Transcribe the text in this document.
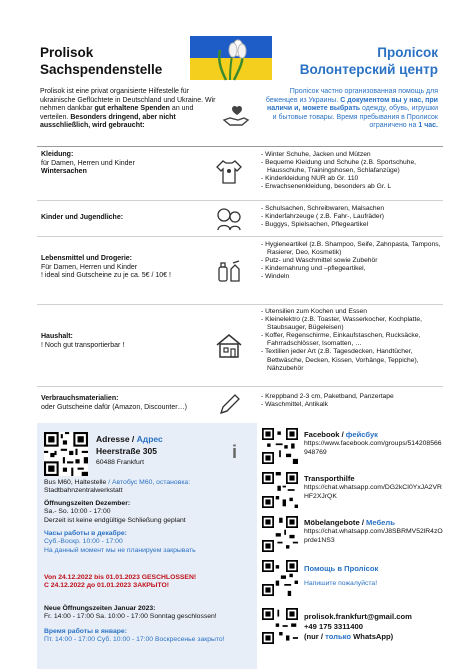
Prolisok
Sachspendenstelle
Пролісок
Волонтерский центр
Prolisok ist eine privat organisierte Hilfestelle für ukrainische Geflüchtete in Deutschland und Ukraine. Wir nehmen dankbar gut erhaltene Spenden an und verteilen. Besonders dringend, aber nicht ausschließlich, wird gebraucht:
Пролісок частно организованная помощь для беженцев из Украины. С документом вы у нас, при наличи и, можете выбрать одежду, обувь, игрушки и бытовые товары. Время пребывания в Пролисок ограничено на 1 час.
Kleidung:
für Damen, Herren und Kinder
Wintersachen
- Winter Schuhe, Jacken und Mützen
- Bequeme Kleidung und Schuhe (z.B. Sportschuhe, Hausschuhe, Trainingshosen, Schlafanzüge)
- Kinderkleidung NUR ab Gr. 110
- Erwachsenenkleidung, besonders ab Gr. L
Kinder und Jugendliche:
- Schulsachen, Schreibwaren, Malsachen
- Kinderfahrzeuge ( z.B. Fahr-, Laufräder)
- Buggys, Spielsachen, Pflegeartikel
Lebensmittel und Drogerie:
Für Damen, Herren und Kinder
! ideal sind Gutscheine zu je ca. 5€ / 10€ !
- Hygieneartikel (z.B. Shampoo, Seife, Zahnpasta, Tampons, Rasierer, Deo, Kosmetik)
- Putz- und Waschmittel sowie Zubehör
- Kindernahrung und –pflegeartikel,
- Windeln
Haushalt:
! Noch gut transportierbar !
- Utensilien zum Kochen und Essen
- Kleinelektro (z.B. Toaster, Wasserkocher, Kochplatte, Staubsauger, Bügeleisen)
- Koffer, Regenschirme, Einkaufstaschen, Rucksäcke, Fahrradschlösser, Isomatten, …
- Textilien jeder Art (z.B. Tagesdecken, Handtücher, Bettwäsche, Decken, Kissen, Vorhänge, Teppiche), Nähzubehör
Verbrauchsmaterialien:
oder Gutscheine dafür (Amazon, Discounter…)
- Kreppband 2-3 cm, Paketband, Panzertape
- Waschmittel, Antikalk
Adresse / Адрес
Heerstraße 305
60488 Frankfurt
i
Bus M60, Haltestelle / Автобус M60, остановка:
Stadtbahnzentralwerkstatt
Öffnungszeiten Dezember:
Sa.- So. 10:00 - 17:00
Derzeit ist keine endgültige Schließung geplant
Часы работы в декабре:
Суб.-Воскр. 10:00 - 17:00
На данный момент мы не планируем закрывать
Von 24.12.2022 bis 01.01.2023 GESCHLOSSEN!
С 24.12.2022 до 01.01.2023 ЗАКРЫТО!
Neue Öffnungszeiten Januar 2023:
Fr. 14:00 - 17:00 Sa. 10:00 - 17:00 Sonntag geschlossen!
Время работы в январе:
Пт. 14:00 - 17:00 Суб. 10:00 - 17:00 Воскресенье закрыто!
Facebook / фейсбук
https://www.facebook.com/groups/514208566948769
Transporthilfe
https://chat.whatsapp.com/DG2kCI0YxJA2VRHF2XJrQK
Möbelangebote / Мебель
https://chat.whatsapp.com/J8SBRMV52lR4zOprde1NS3
Помощь в Пролісок
Напишите пожалуйста!
prolisok.frankfurt@gmail.com
+49 175 3311400
(nur / только WhatsApp)
